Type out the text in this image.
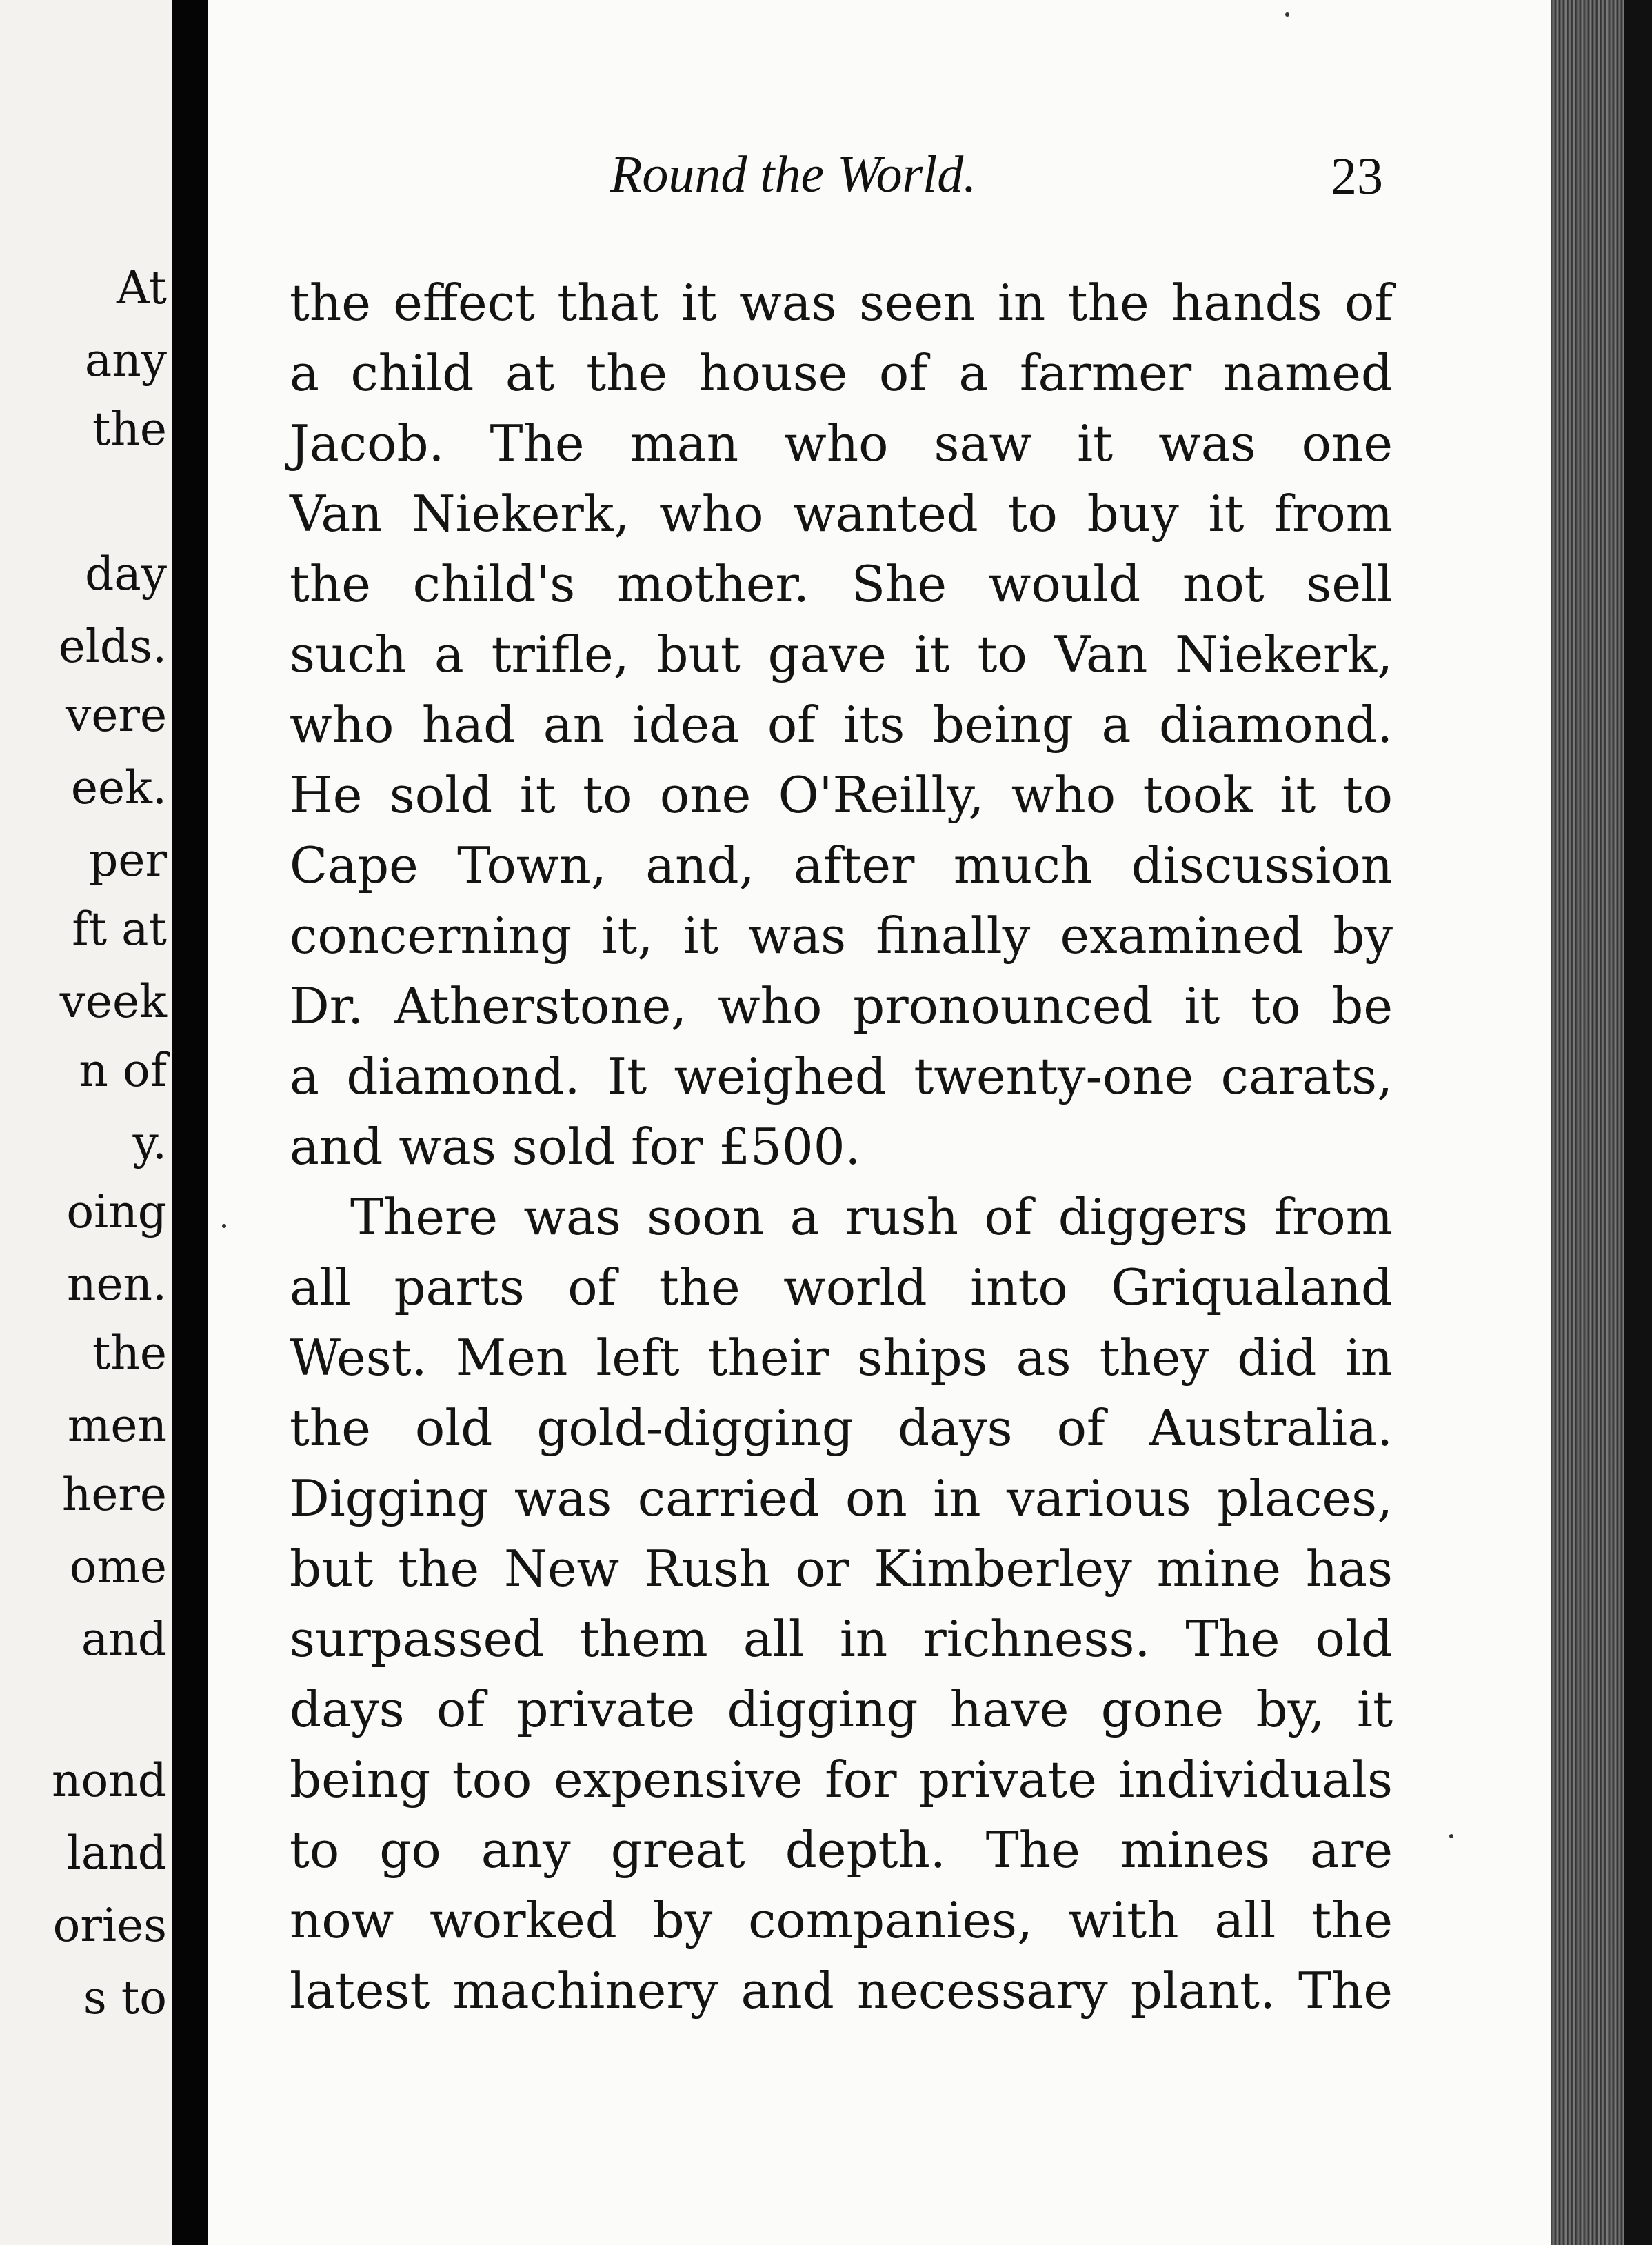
At
any
the
day
elds.
vere
eek.
per
ft at
veek
n of
y.
oing
nen.
the
men
here
ome
and
nond
land
ories
s to
Round the World.	23
the effect that it was seen in the hands of
a child at the house of a farmer named
Jacob. The man who saw it was one
Van Niekerk, who wanted to buy it from
the child's mother. She would not sell
such a trifle, but gave it to Van Niekerk,
who had an idea of its being a diamond.
He sold it to one O'Reilly, who took it to
Cape Town, and, after much discussion
concerning it, it was finally examined by
Dr. Atherstone, who pronounced it to be
a diamond. It weighed twenty-one carats,
and was sold for £500.
There was soon a rush of diggers from
all parts of the world into Griqualand
West. Men left their ships as they did in
the old gold-digging days of Australia.
Digging was carried on in various places,
but the New Rush or Kimberley mine has
surpassed them all in richness. The old
days of private digging have gone by, it
being too expensive for private individuals
to go any great depth. The mines are
now worked by companies, with all the
latest machinery and necessary plant. The
